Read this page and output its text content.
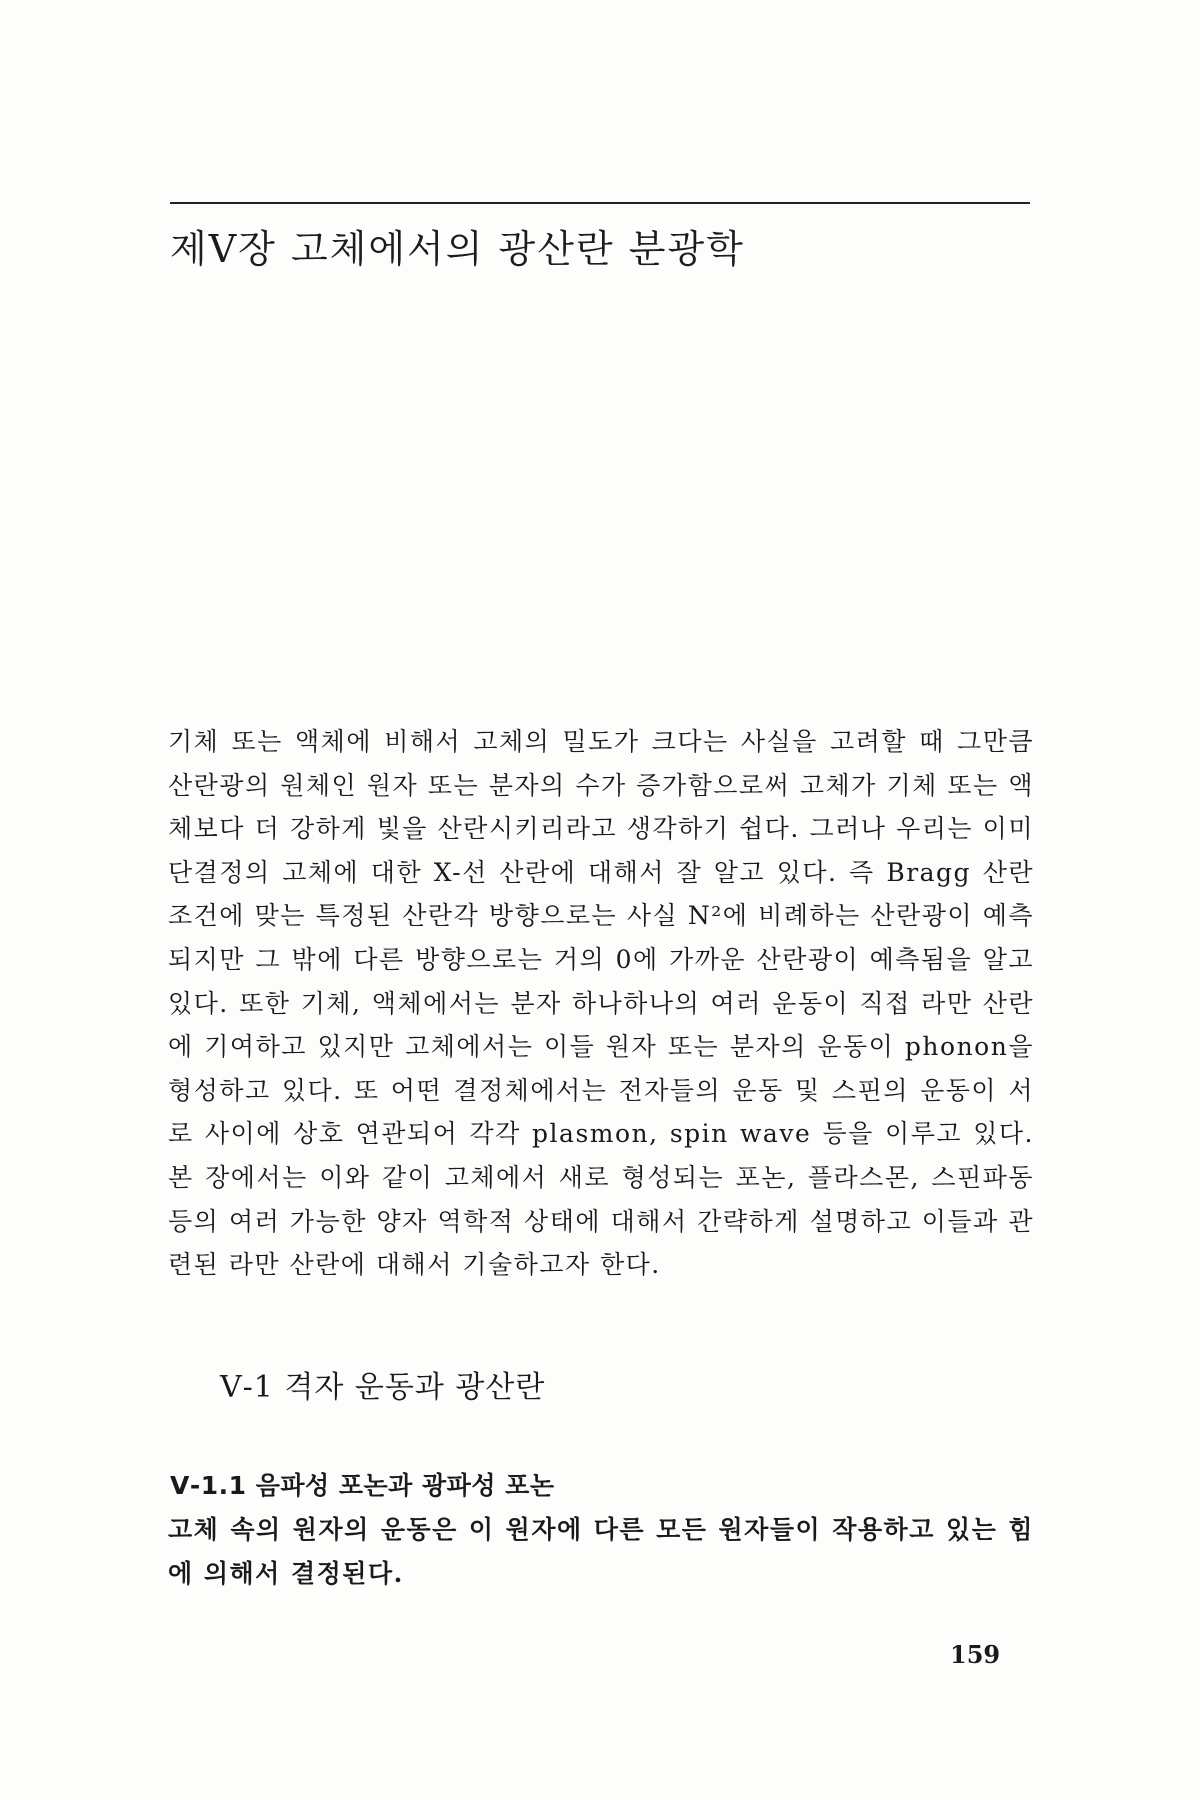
제Ⅴ장 고체에서의 광산란 분광학

기체 또는 액체에 비해서 고체의 밀도가 크다는 사실을 고려할 때 그만큼 산란광의 원체인 원자 또는 분자의 수가 증가함으로써 고체가 기체 또는 액체보다 더 강하게 빛을 산란시키리라고 생각하기 쉽다. 그러나 우리는 이미 단결정의 고체에 대한 X-선 산란에 대해서 잘 알고 있다. 즉 Bragg 산란조건에 맞는 특정된 산란각 방향으로는 사실 N²에 비례하는 산란광이 예측되지만 그 밖에 다른 방향으로는 거의 0에 가까운 산란광이 예측됨을 알고 있다. 또한 기체, 액체에서는 분자 하나하나의 여러 운동이 직접 라만 산란에 기여하고 있지만 고체에서는 이들 원자 또는 분자의 운동이 phonon을 형성하고 있다. 또 어떤 결정체에서는 전자들의 운동 및 스핀의 운동이 서로 사이에 상호 연관되어 각각 plasmon, spin wave 등을 이루고 있다. 본 장에서는 이와 같이 고체에서 새로 형성되는 포논, 플라스몬, 스핀파동 등의 여러 가능한 양자 역학적 상태에 대해서 간략하게 설명하고 이들과 관련된 라만 산란에 대해서 기술하고자 한다.

Ⅴ-1 격자 운동과 광산란
Ⅴ-1.1 음파성 포논과 광파성 포논

고체 속의 원자의 운동은 이 원자에 다른 모든 원자들이 작용하고 있는 힘에 의해서 결정된다.

159
